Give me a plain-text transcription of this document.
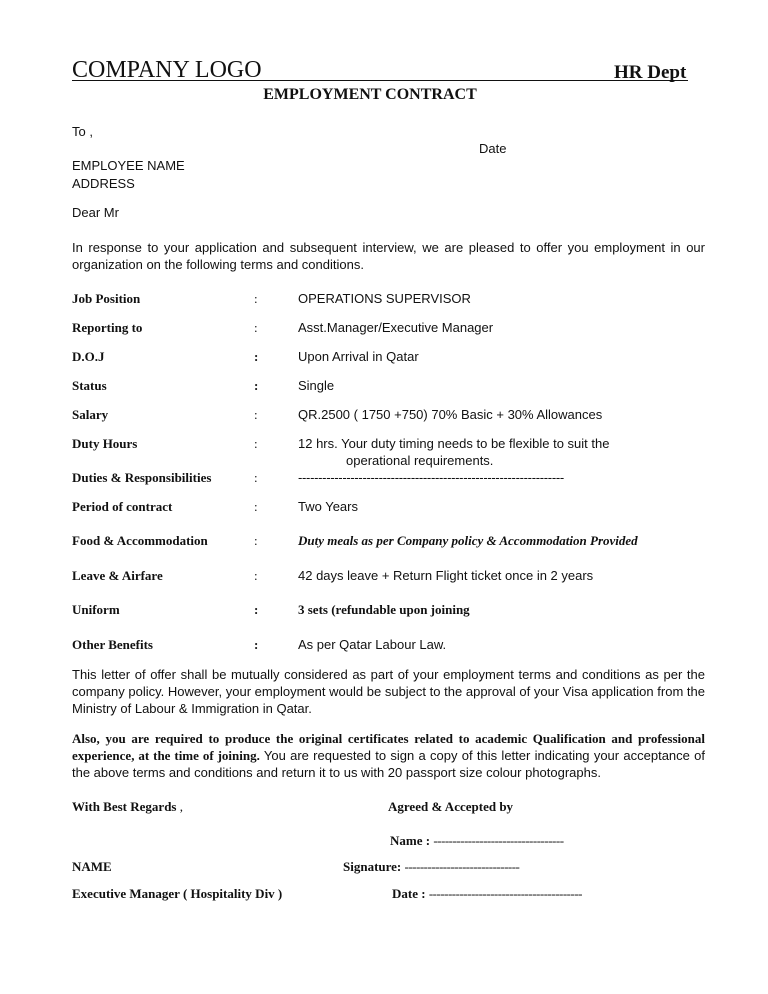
COMPANY LOGO	HR Dept
EMPLOYMENT CONTRACT
To ,
Date
EMPLOYEE NAME
ADDRESS
Dear Mr
In response to your application and subsequent interview, we are pleased to offer you employment in our organization on the following terms and conditions.
Job Position	:	OPERATIONS SUPERVISOR
Reporting to	:	Asst.Manager/Executive Manager
D.O.J	:	Upon Arrival in Qatar
Status	:	Single
Salary	:	QR.2500 ( 1750 +750) 70% Basic + 30% Allowances
Duty Hours	:	12 hrs. Your duty timing needs to be flexible to suit the
operational requirements.
Duties & Responsibilities	:	------------------------------------------------------------------
Period of contract	:	Two Years
Food & Accommodation	:	Duty meals as per Company policy & Accommodation Provided
Leave & Airfare	:	42 days leave + Return Flight ticket once in 2 years
Uniform	:	3 sets (refundable upon joining
Other Benefits	:	As per Qatar Labour Law.
This letter of offer shall be mutually considered as part of your employment terms and conditions as per the company policy. However, your employment would be subject to the approval of your Visa application from the Ministry of Labour & Immigration in Qatar.
Also, you are required to produce the original certificates related to academic Qualification and professional experience, at the time of joining. You are requested to sign a copy of this letter indicating your acceptance of the above terms and conditions and return it to us with 20 passport size colour photographs.
With Best Regards ,	Agreed & Accepted by
Name : ----------------------------------
NAME	Signature: ------------------------------
Executive Manager ( Hospitality Div )	Date : ----------------------------------------
